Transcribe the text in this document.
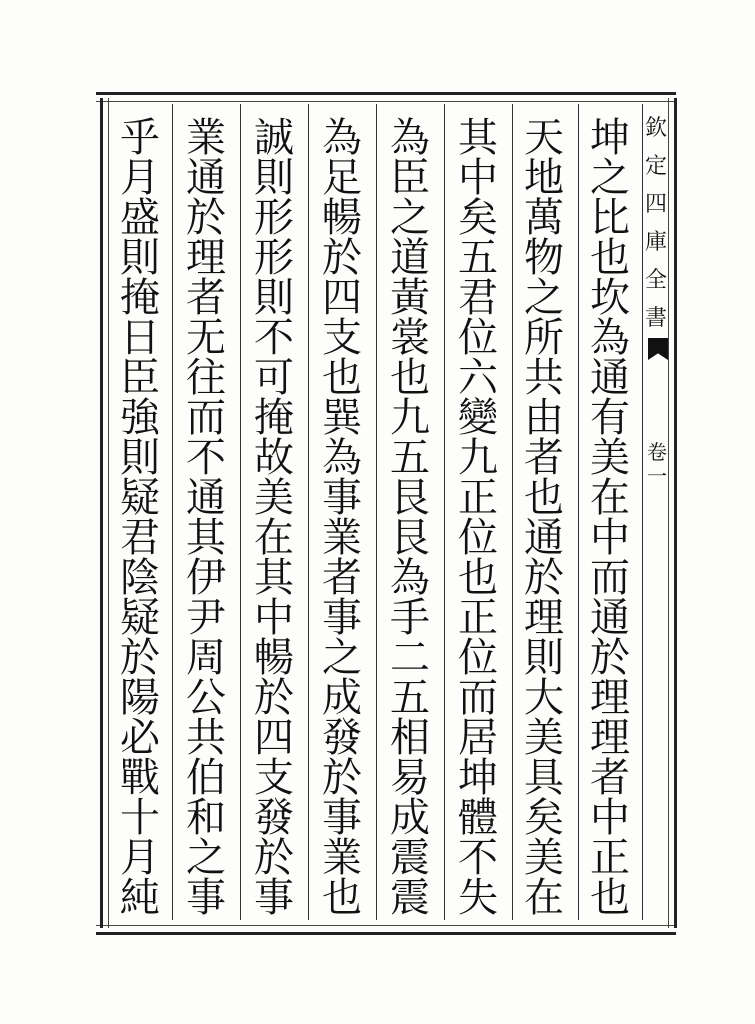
欽
定
四
庫
全
書
卷
一
坤
之
比
也
坎
為
通
有
美
在
中
而
通
於
理
理
者
中
正
也
天
地
萬
物
之
所
共
由
者
也
通
於
理
則
大
美
具
矣
美
在
其
中
矣
五
君
位
六
變
九
正
位
也
正
位
而
居
坤
體
不
失
為
臣
之
道
黃
裳
也
九
五
艮
艮
為
手
二
五
相
易
成
震
震
為
足
暢
於
四
支
也
巽
為
事
業
者
事
之
成
發
於
事
業
也
誠
則
形
形
則
不
可
掩
故
美
在
其
中
暢
於
四
支
發
於
事
業
通
於
理
者
无
往
而
不
通
其
伊
尹
周
公
共
伯
和
之
事
乎
月
盛
則
掩
日
臣
強
則
疑
君
陰
疑
於
陽
必
戰
十
月
純
